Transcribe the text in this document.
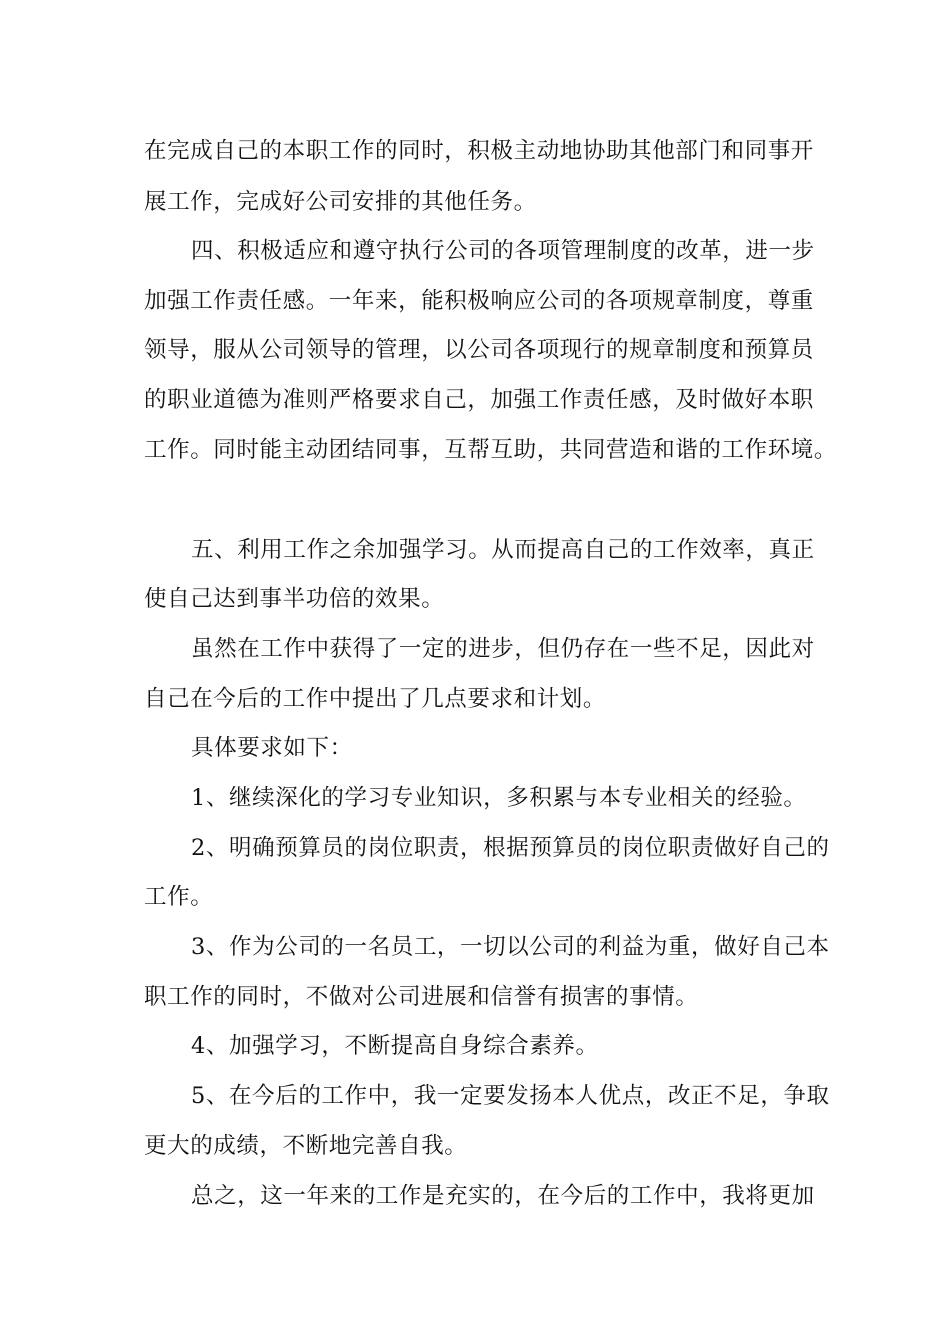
在完成自己的本职工作的同时，积极主动地协助其他部门和同事开
展工作，完成好公司安排的其他任务。
四、积极适应和遵守执行公司的各项管理制度的改革，进一步
加强工作责任感。一年来，能积极响应公司的各项规章制度，尊重
领导，服从公司领导的管理，以公司各项现行的规章制度和预算员
的职业道德为准则严格要求自己，加强工作责任感，及时做好本职
工作。同时能主动团结同事，互帮互助，共同营造和谐的工作环境。
五、利用工作之余加强学习。从而提高自己的工作效率，真正
使自己达到事半功倍的效果。
虽然在工作中获得了一定的进步，但仍存在一些不足，因此对
自己在今后的工作中提出了几点要求和计划。
具体要求如下：
1、继续深化的学习专业知识，多积累与本专业相关的经验。
2、明确预算员的岗位职责，根据预算员的岗位职责做好自己的
工作。
3、作为公司的一名员工，一切以公司的利益为重，做好自己本
职工作的同时，不做对公司进展和信誉有损害的事情。
4、加强学习，不断提高自身综合素养。
5、在今后的工作中，我一定要发扬本人优点，改正不足，争取
更大的成绩，不断地完善自我。
总之，这一年来的工作是充实的，在今后的工作中，我将更加
